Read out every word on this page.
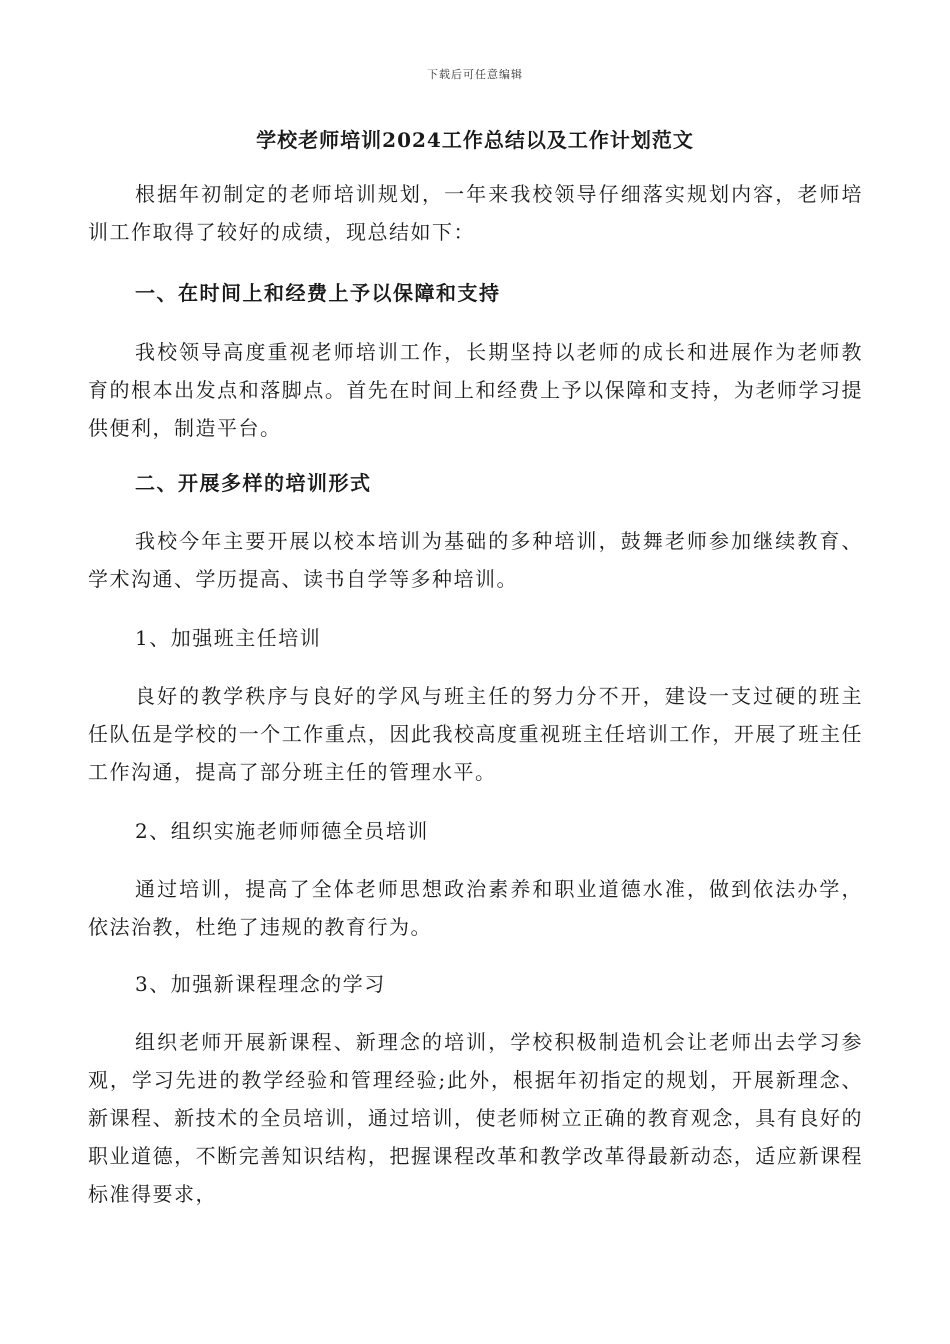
下载后可任意编辑
学校老师培训2024工作总结以及工作计划范文

根据年初制定的老师培训规划，一年来我校领导仔细落实规划内容，老师培训工作取得了较好的成绩，现总结如下：

一、在时间上和经费上予以保障和支持

我校领导高度重视老师培训工作，长期坚持以老师的成长和进展作为老师教育的根本出发点和落脚点。首先在时间上和经费上予以保障和支持，为老师学习提供便利，制造平台。

二、开展多样的培训形式

我校今年主要开展以校本培训为基础的多种培训，鼓舞老师参加继续教育、学术沟通、学历提高、读书自学等多种培训。

1、加强班主任培训

良好的教学秩序与良好的学风与班主任的努力分不开，建设一支过硬的班主任队伍是学校的一个工作重点，因此我校高度重视班主任培训工作，开展了班主任工作沟通，提高了部分班主任的管理水平。

2、组织实施老师师德全员培训

通过培训，提高了全体老师思想政治素养和职业道德水准，做到依法办学，依法治教，杜绝了违规的教育行为。

3、加强新课程理念的学习

组织老师开展新课程、新理念的培训，学校积极制造机会让老师出去学习参观，学习先进的教学经验和管理经验;此外，根据年初指定的规划，开展新理念、新课程、新技术的全员培训，通过培训，使老师树立正确的教育观念，具有良好的职业道德，不断完善知识结构，把握课程改革和教学改革得最新动态，适应新课程标准得要求，
